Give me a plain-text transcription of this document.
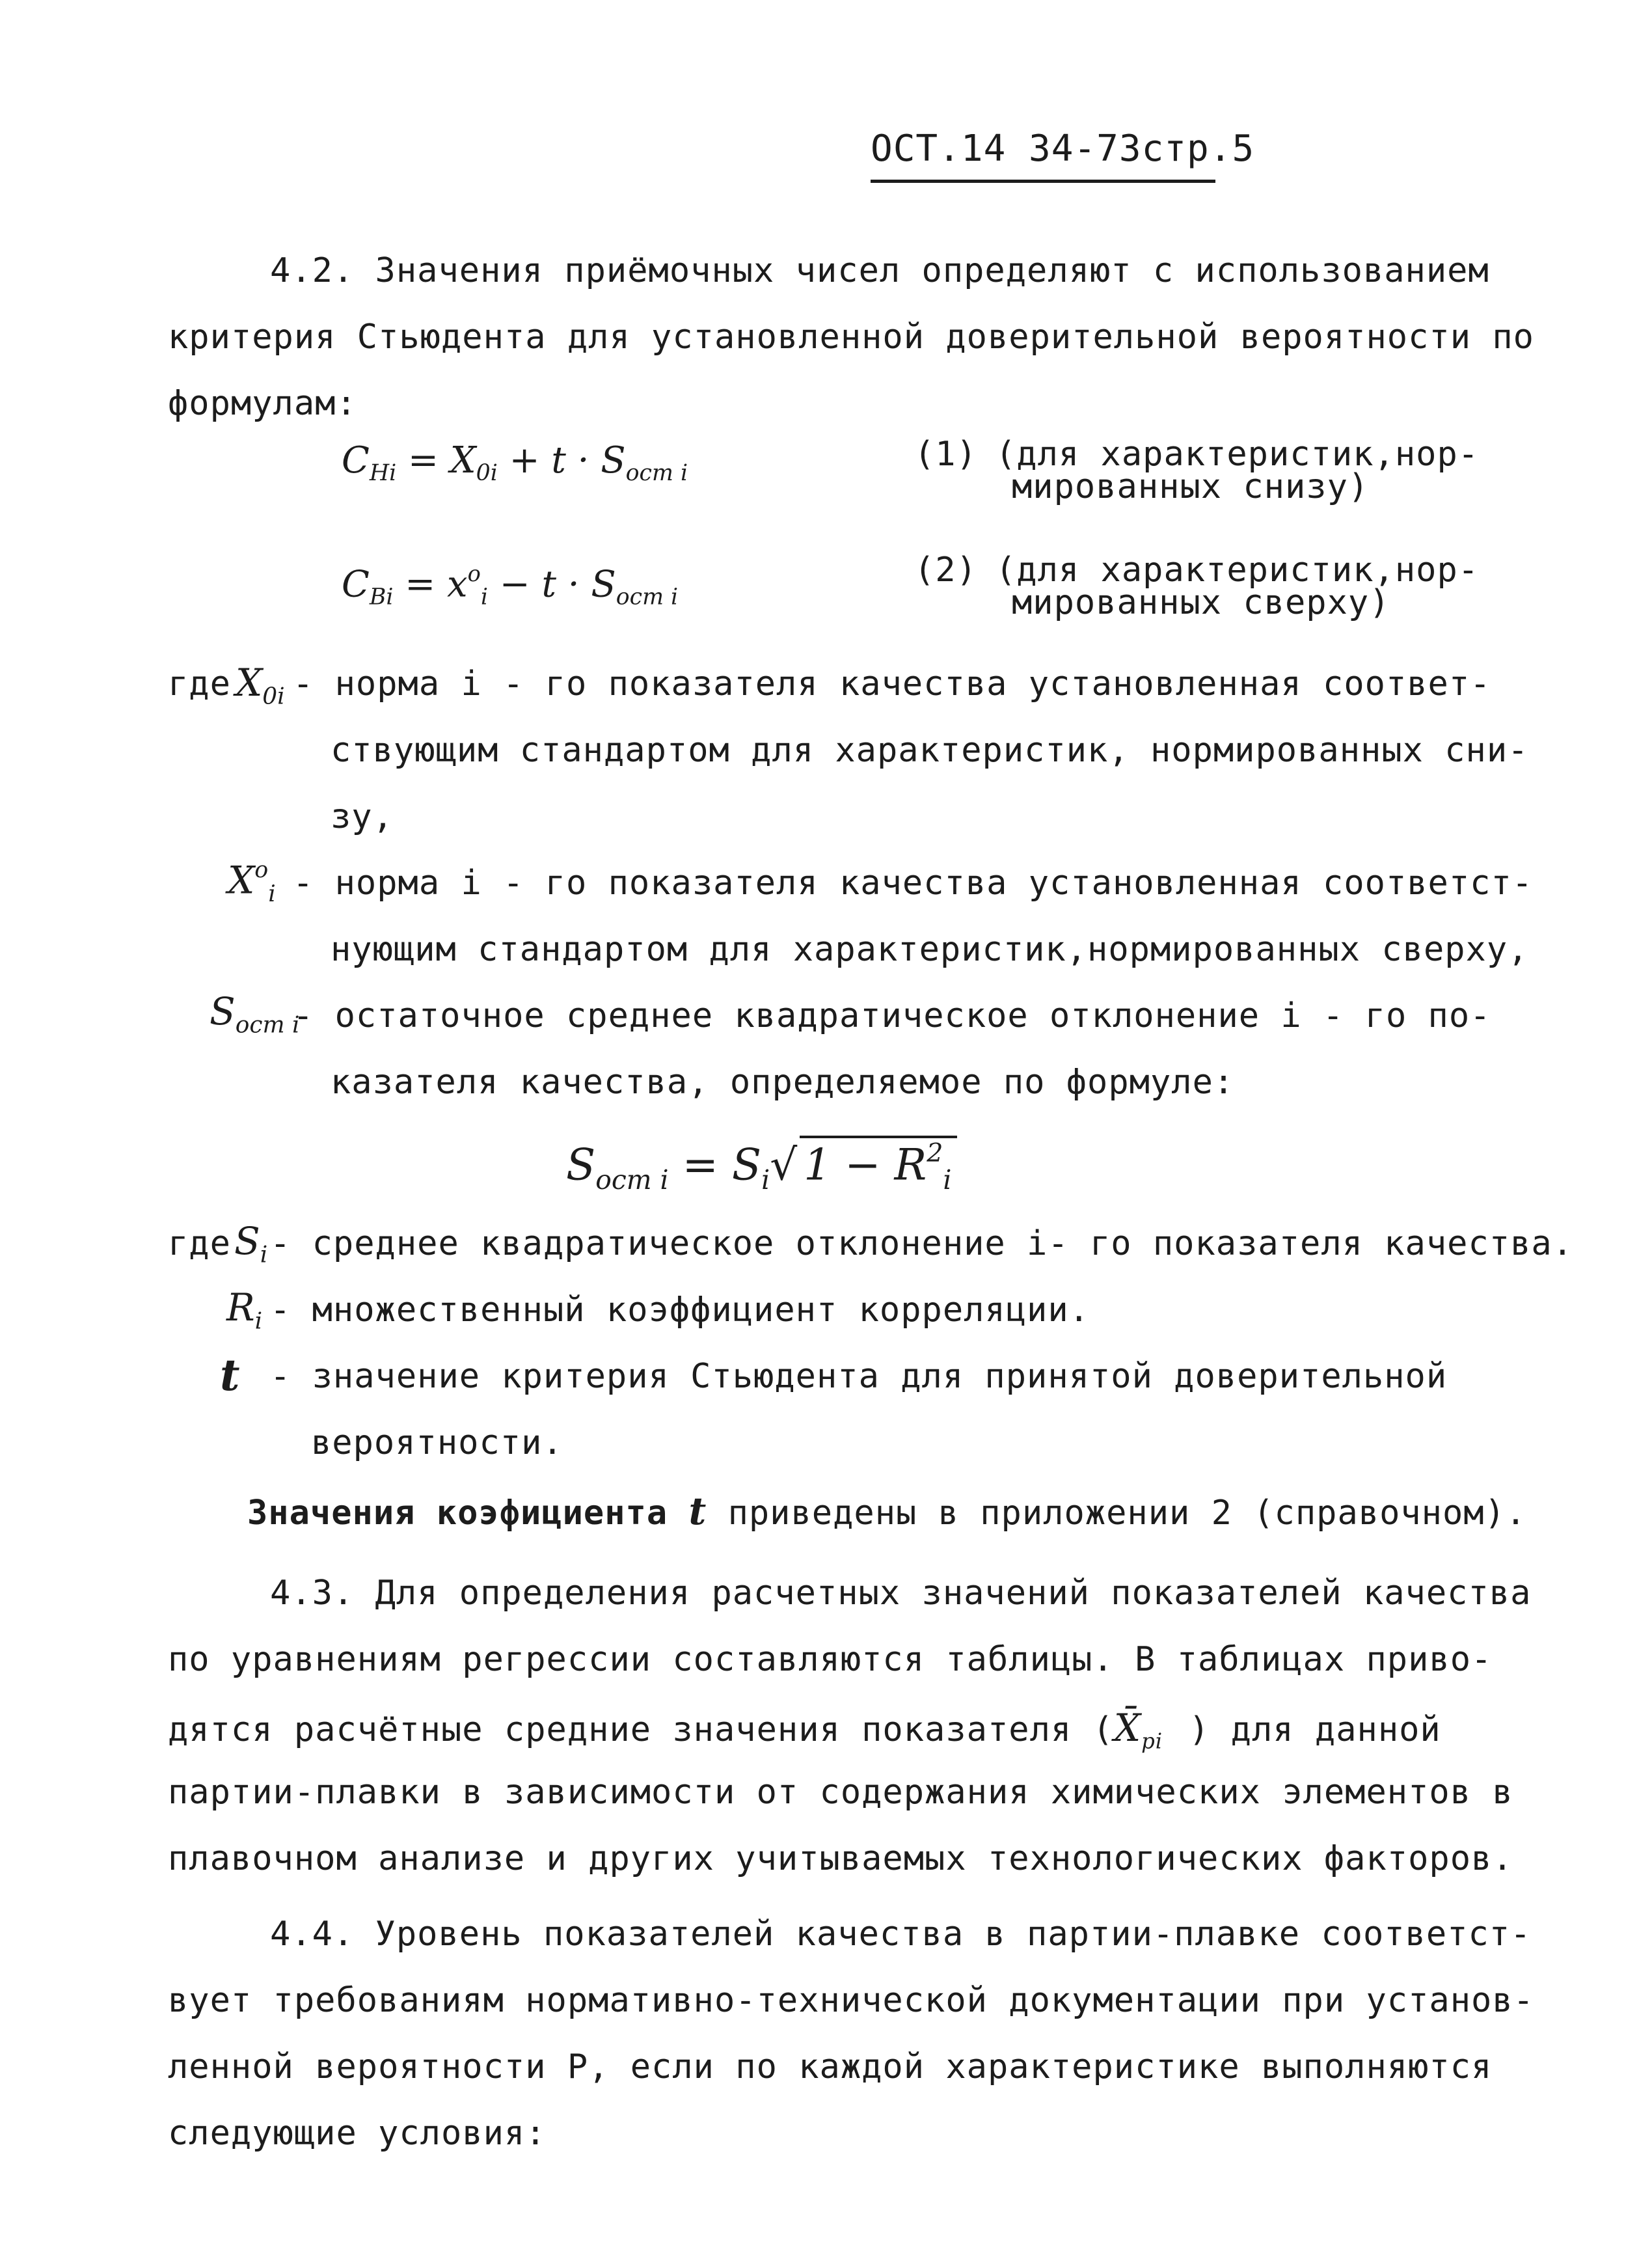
ОСТ.14 34-73стр.5
4.2. Значения приёмочных чисел определяют с использованием
критерия Стьюдента для установленной доверительной вероятности по
формулам:
$C_{Hi} = X_{0i} + t \cdot S_{ocm i}$	(1) (для характеристик,нор-
мированных снизу)
$C_{Bi} = x^o_i - t \cdot S_{ocm i}$
(2) (для характеристик,нор-
мированных сверху)
где $X_{0i}$ - норма i - го показателя качества установленная соответ-
ствующим стандартом для характеристик, нормированных сни-
зу,
$X^o_i$ - норма i - го показателя качества установленная соответст-
нующим стандартом для характеристик,нормированных сверху,
$S_{ocm i}$
- остаточное среднее квадратическое отклонение i - го по-
казателя качества, определяемое по формуле:
$S_{ocm i} = S_i√$ $1 - R^2_i$
где $S_i$ - среднее квадратическое отклонение i- го показателя качества.
$R_i$ - множественный коэффициент корреляции.
t - значение критерия Стьюдента для принятой доверительной
вероятности.
Значения коэфициента t приведены в приложении 2 (справочном).
4.3. Для определения расчетных значений показателей качества
по уравнениям регрессии составляются таблицы. В таблицах приво-
дятся расчётные средние значения показателя ($X̄_{pi}$ ) для данной
партии-плавки в зависимости от содержания химических элементов в
плавочном анализе и других учитываемых технологических факторов.
4.4. Уровень показателей качества в партии-плавке соответст-
вует требованиям нормативно-технической документации при установ-
ленной вероятности Р, если по каждой характеристике выполняются
следующие условия:
